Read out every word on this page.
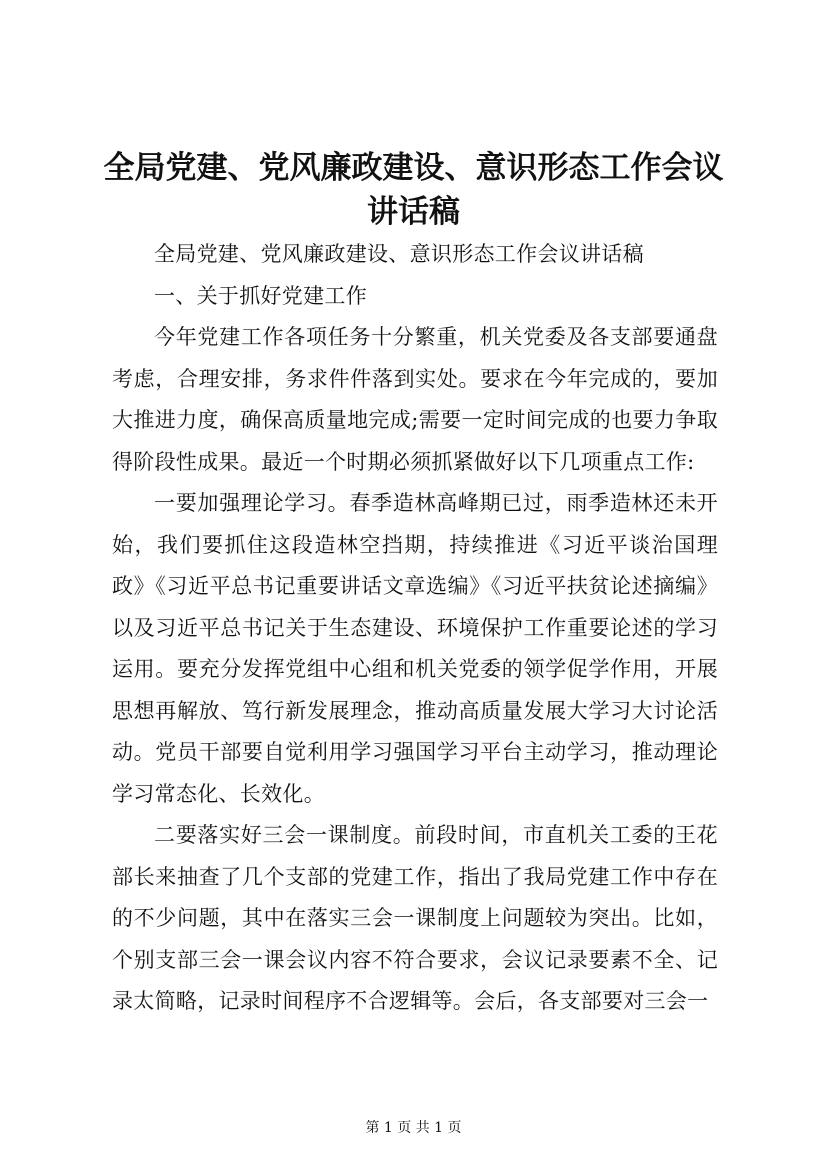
全局党建、党风廉政建设、意识形态工作会议
讲话稿

全局党建、党风廉政建设、意识形态工作会议讲话稿

一、关于抓好党建工作

今年党建工作各项任务十分繁重，机关党委及各支部要通盘考虑，合理安排，务求件件落到实处。要求在今年完成的，要加大推进力度，确保高质量地完成;需要一定时间完成的也要力争取得阶段性成果。最近一个时期必须抓紧做好以下几项重点工作:

一要加强理论学习。春季造林高峰期已过，雨季造林还未开始，我们要抓住这段造林空挡期，持续推进《习近平谈治国理政》《习近平总书记重要讲话文章选编》《习近平扶贫论述摘编》以及习近平总书记关于生态建设、环境保护工作重要论述的学习运用。要充分发挥党组中心组和机关党委的领学促学作用，开展思想再解放、笃行新发展理念，推动高质量发展大学习大讨论活动。党员干部要自觉利用学习强国学习平台主动学习，推动理论学习常态化、长效化。

二要落实好三会一课制度。前段时间，市直机关工委的王花部长来抽查了几个支部的党建工作，指出了我局党建工作中存在的不少问题，其中在落实三会一课制度上问题较为突出。比如，个别支部三会一课会议内容不符合要求，会议记录要素不全、记录太简略，记录时间程序不合逻辑等。会后，各支部要对三会一

第 1 页 共 1 页
